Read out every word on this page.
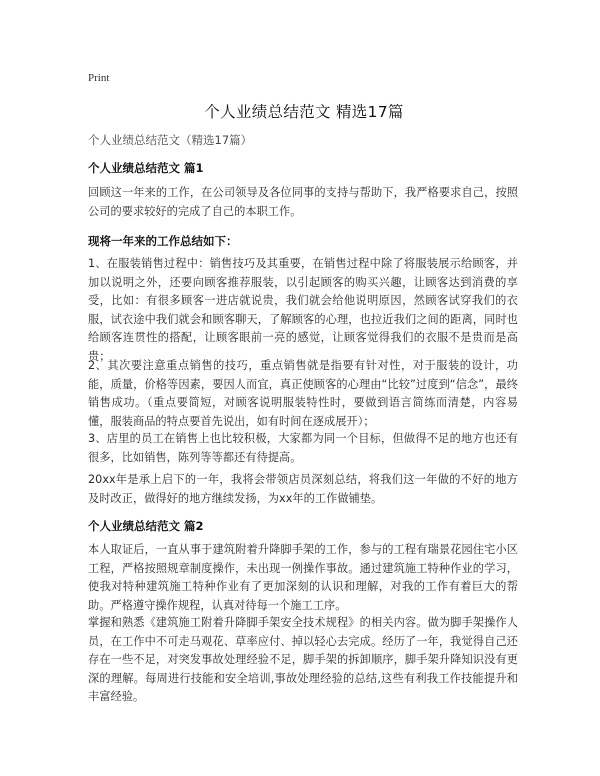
Print
个人业绩总结范文 精选17篇
个人业绩总结范文（精选17篇）
个人业绩总结范文 篇1
回顾这一年来的工作，在公司领导及各位同事的支持与帮助下，我严格要求自己，按照公司的要求较好的完成了自己的本职工作。
现将一年来的工作总结如下：
1、在服装销售过程中：销售技巧及其重要，在销售过程中除了将服装展示给顾客，并加以说明之外，还要向顾客推荐服装，以引起顾客的购买兴趣，让顾客达到消费的享受，比如：有很多顾客一进店就说贵，我们就会给他说明原因，然顾客试穿我们的衣服，试衣途中我们就会和顾客聊天，了解顾客的心理，也拉近我们之间的距离，同时也给顾客连贯性的搭配，让顾客眼前一亮的感觉，让顾客觉得我们的衣服不是贵而是高贵；
2、其次要注意重点销售的技巧，重点销售就是指要有针对性，对于服装的设计，功能，质量，价格等因素，要因人而宜，真正使顾客的心理由“比较”过度到“信念”，最终销售成功。（重点要简短，对顾客说明服装特性时，要做到语言简练而清楚，内容易懂，服装商品的特点要首先说出，如有时间在逐成展开）；
3、店里的员工在销售上也比较积极，大家都为同一个目标，但做得不足的地方也还有很多，比如销售，陈列等等都还有待提高。
20xx年是承上启下的一年，我将会带领店员深刻总结，将我们这一年做的不好的地方及时改正，做得好的地方继续发扬，为xx年的工作做铺垫。
个人业绩总结范文 篇2
本人取证后，一直从事于建筑附着升降脚手架的工作，参与的工程有瑞景花园住宅小区工程，严格按照规章制度操作，未出现一例操作事故。通过建筑施工特种作业的学习，使我对特种建筑施工特种作业有了更加深刻的认识和理解，对我的工作有着巨大的帮助。严格遵守操作规程，认真对待每一个施工工序。
掌握和熟悉《建筑施工附着升降脚手架安全技术规程》的相关内容。做为脚手架操作人员，在工作中不可走马观花、草率应付、掉以轻心去完成。经历了一年，我觉得自己还存在一些不足，对突发事故处理经验不足，脚手架的拆卸顺序，脚手架升降知识没有更深的理解。每周进行技能和安全培训,事故处理经验的总结,这些有利我工作技能提升和丰富经验。
